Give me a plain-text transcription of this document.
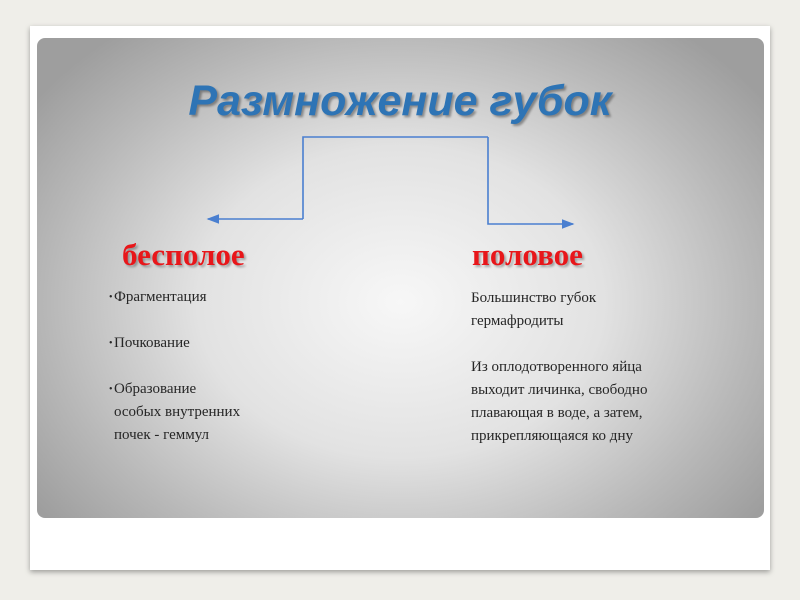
Размножение губок
бесполое	половое
• Фрагментация
• Почкование
• Образование
особых внутренних
почек - геммул
Большинство губок
гермафродиты
Из оплодотворенного яйца
выходит личинка, свободно
плавающая в воде, а затем,
прикрепляющаяся ко дну
